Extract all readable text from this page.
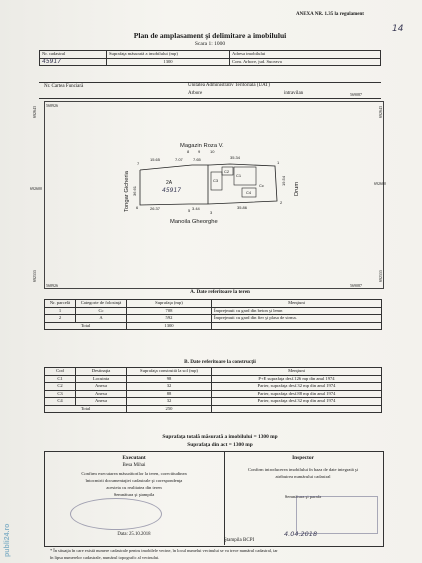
ANEXA NR. 1.35 la regulament
14
Plan de amplasament şi delimitare a imobilului
Scara 1: 1000
Nr. cadastral	Suprafaţa măsurată a imobilului (mp)	Adresa imobilului
45917	1300	Com. Arbore, jud. Suceava
Nr. Cartea Funciară	Unitatea Administrativ Teritorială (UAT)
Arbore	intravilan
568926
569087
692643	692643
692600
692600
692555	692555
568926	569087
C1
C2
C3
C4
Cc
Magazin Roza V.
Tongar Gicheria	Drum
Manoila Gheorghe
2A
45917
15.65	7.07	7.65	35.34
19.54
26.37	3.44	35.86
36.61
7
8 9 10
1
2
6
5	3
A. Date referitoare la teren
Nr. parcelă	Categorie de folosinţă	Suprafaţa (mp)	Menţiuni
1	Cc	708	Împrejmuit cu gard din beton şi lemn
2	A	592	Împrejmuit cu gard din fier şi plasa de sirma.
Total		1300	
B. Date referitoare la construcţii
Cod	Destinaţia	Suprafaţa construită la sol (mp)	Menţiuni
C1	Locuinta	98	P+E suprafaţa desf.126 mp din anul 1974
C2	Anexa	32	Parter, suprafaţa desf.32 mp din anul 1974
C3	Anexa	88	Parter, suprafaţa desf.88 mp din anul 1974
C4	Anexa	32	Parter, suprafaţa desf.32 mp din anul 1974
Total		250	
Suprafaţa totală măsurată a imobilului = 1300 mp
Suprafaţa din act = 1300 mp
Executant
Besa Mihai
Confirm executarea măsurătorilor la teren, corectitudinea
întocmirii documentaţiei cadastrale şi corespondenţa
acesteia cu realitatea din teren
Semnătura şi ştampila
Data: 25.10.2018
Inspector
Confirm introducerea imobilului în baza de date integrată şi
atribuirea numărului cadastral
Semnătura şi parafa
Ştampila BCPI
4.04.2018
* În situaţia în care există numere cadastrale pentru imobilele vecine, în locul numelui vecinului se va trece numărul cadastral, iar
în lipsa numerelor cadastrale, numărul topografic al vecinului.
publi24.ro
